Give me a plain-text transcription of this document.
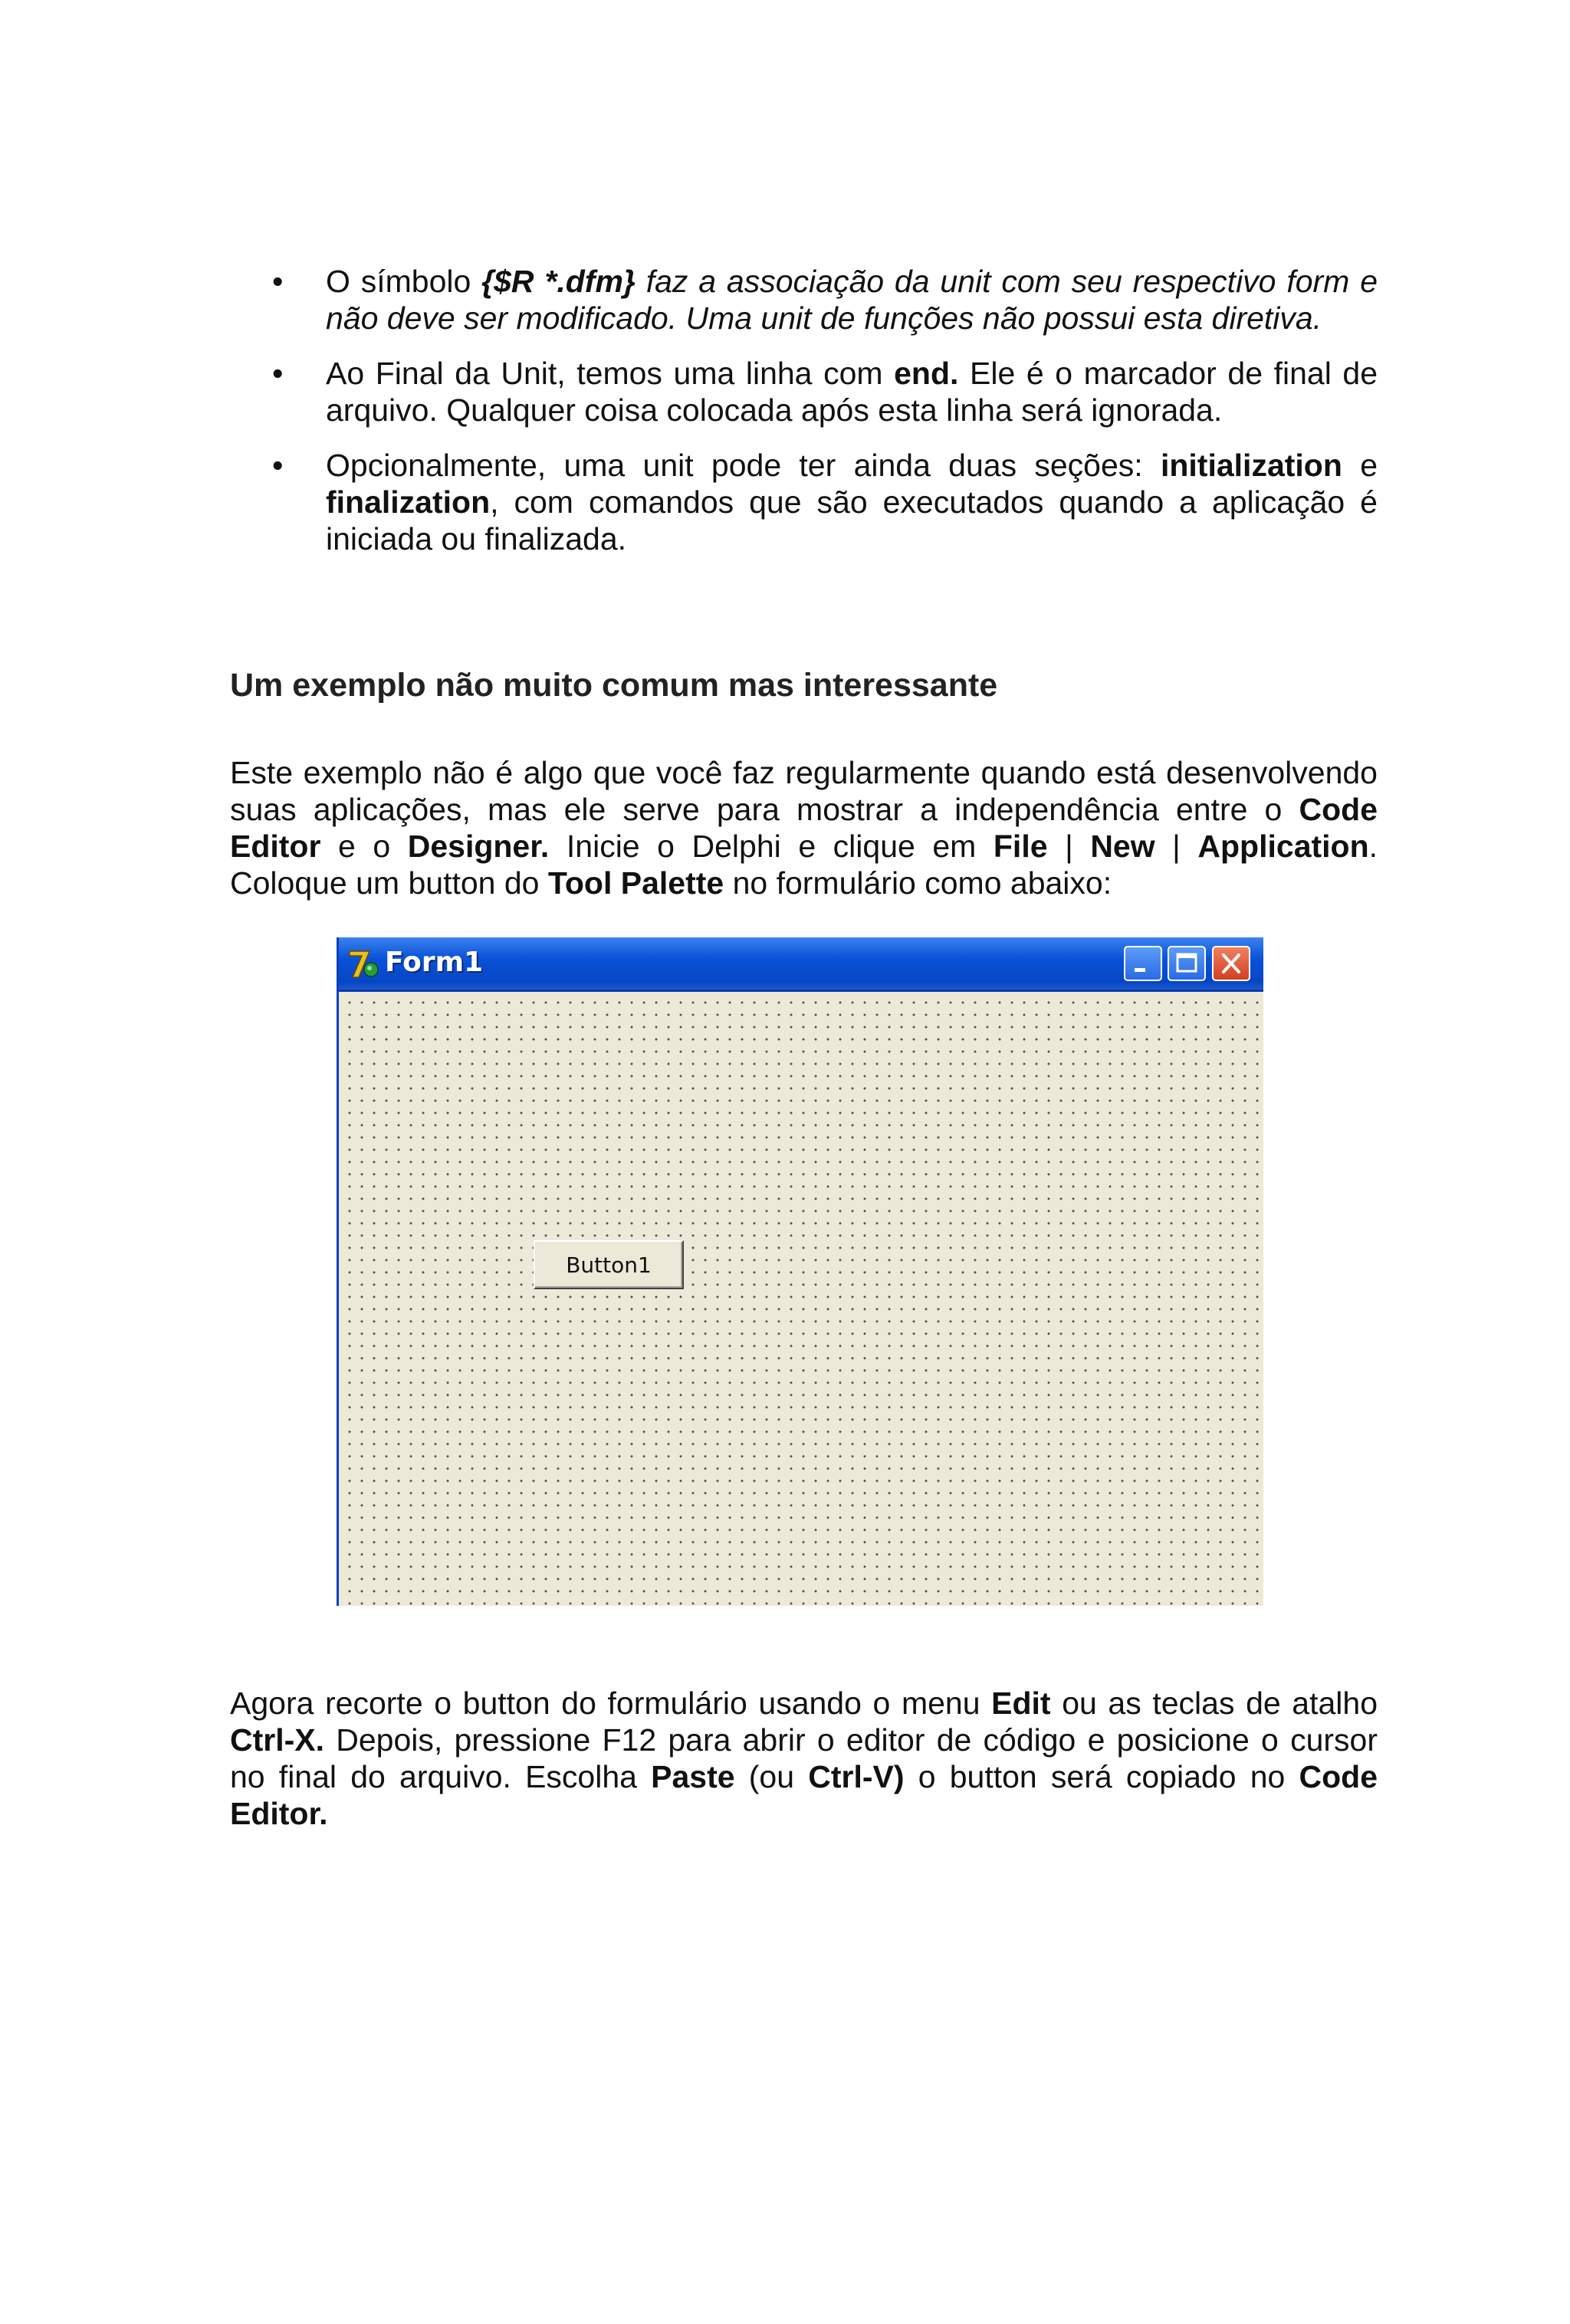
•	O símbolo {$R *.dfm} faz a associação da unit com seu respectivo form e não deve ser modificado. Uma unit de funções não possui esta diretiva.
•	Ao Final da Unit, temos uma linha com end. Ele é o marcador de final de arquivo. Qualquer coisa colocada após esta linha será ignorada.
•	Opcionalmente, uma unit pode ter ainda duas seções: initialization e finalization, com comandos que são executados quando a aplicação é iniciada ou finalizada.
Um exemplo não muito comum mas interessante

Este exemplo não é algo que você faz regularmente quando está desenvolvendo suas aplicações, mas ele serve para mostrar a independência entre o Code Editor e o Designer. Inicie o Delphi e clique em File | New | Application. Coloque um button do Tool Palette no formulário como abaixo:

Form1
Button1

Agora recorte o button do formulário usando o menu Edit ou as teclas de atalho Ctrl-X. Depois, pressione F12 para abrir o editor de código e posicione o cursor no final do arquivo. Escolha Paste (ou Ctrl-V) o button será copiado no Code Editor.
